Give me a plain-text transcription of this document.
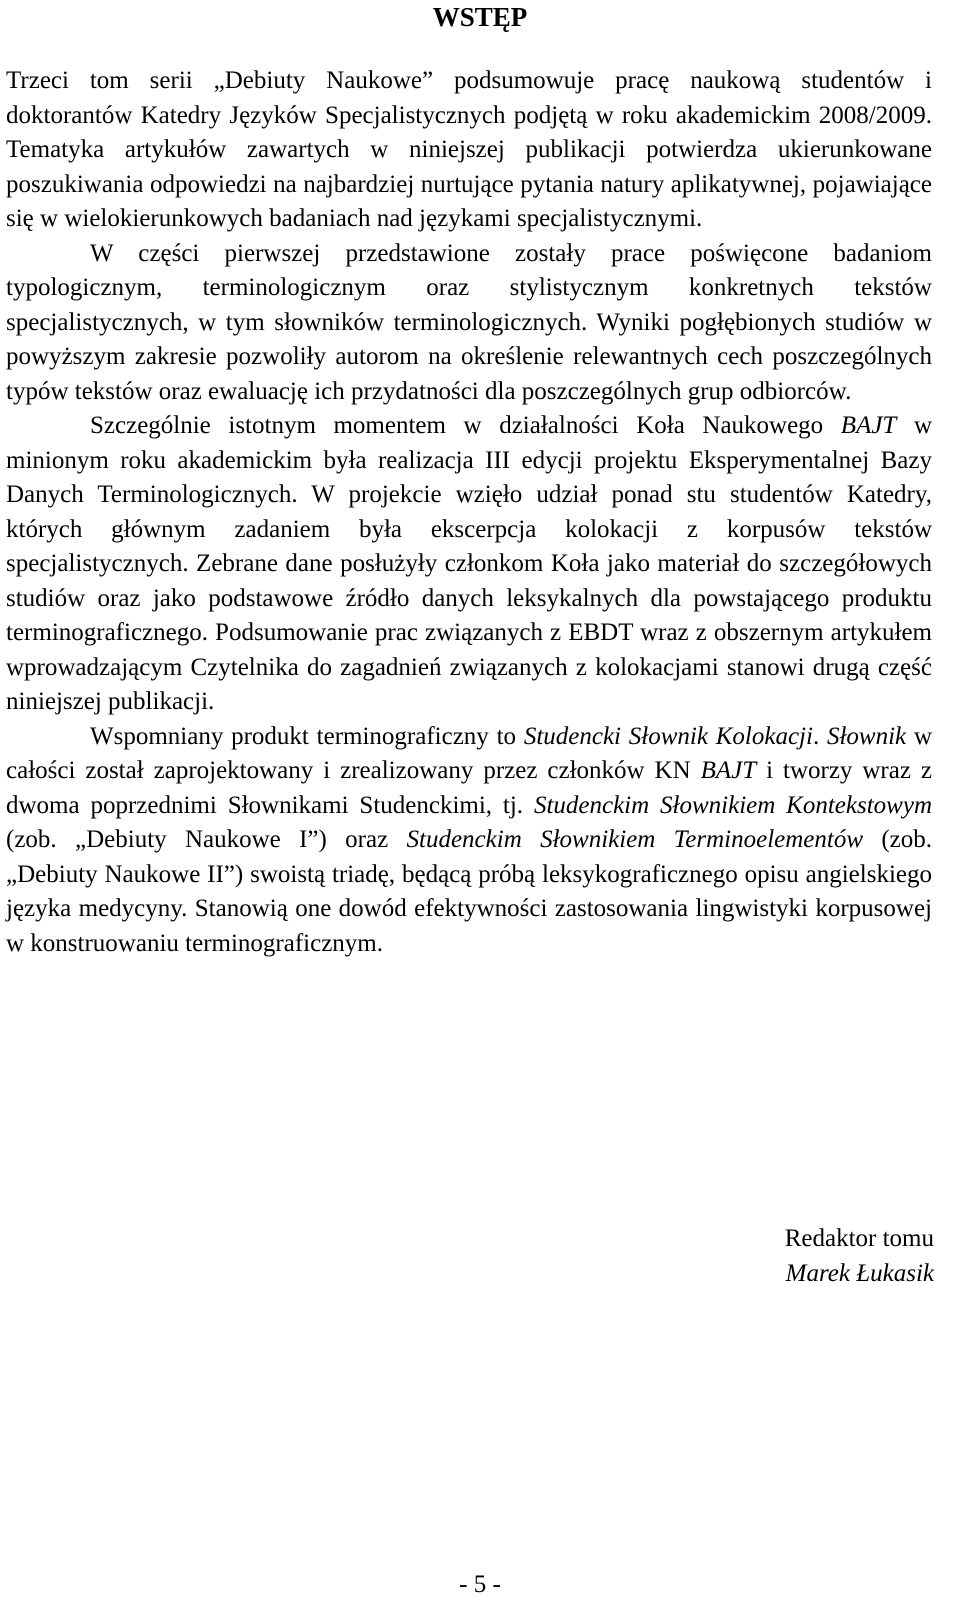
WSTĘP

Trzeci tom serii „Debiuty Naukowe” podsumowuje pracę naukową studentów i doktorantów Katedry Języków Specjalistycznych podjętą w roku akademickim 2008/2009. Tematyka artykułów zawartych w niniejszej publikacji potwierdza ukierunkowane poszukiwania odpowiedzi na najbardziej nurtujące pytania natury aplikatywnej, pojawiające się w wielokierunkowych badaniach nad językami specjalistycznymi.

W części pierwszej przedstawione zostały prace poświęcone badaniom typologicznym, terminologicznym oraz stylistycznym konkretnych tekstów specjalistycznych, w tym słowników terminologicznych. Wyniki pogłębionych studiów w powyższym zakresie pozwoliły autorom na określenie relewantnych cech poszczególnych typów tekstów oraz ewaluację ich przydatności dla poszczególnych grup odbiorców.

Szczególnie istotnym momentem w działalności Koła Naukowego BAJT w minionym roku akademickim była realizacja III edycji projektu Eksperymentalnej Bazy Danych Terminologicznych. W projekcie wzięło udział ponad stu studentów Katedry, których głównym zadaniem była ekscerpcja kolokacji z korpusów tekstów specjalistycznych. Zebrane dane posłużyły członkom Koła jako materiał do szczegółowych studiów oraz jako podstawowe źródło danych leksykalnych dla powstającego produktu terminograficznego. Podsumowanie prac związanych z EBDT wraz z obszernym artykułem wprowadzającym Czytelnika do zagadnień związanych z kolokacjami stanowi drugą część niniejszej publikacji.

Wspomniany produkt terminograficzny to Studencki Słownik Kolokacji. Słownik w całości został zaprojektowany i zrealizowany przez członków KN BAJT i tworzy wraz z dwoma poprzednimi Słownikami Studenckimi, tj. Studenckim Słownikiem Kontekstowym (zob. „Debiuty Naukowe I”) oraz Studenckim Słownikiem Terminoelementów (zob. „Debiuty Naukowe II”) swoistą triadę, będącą próbą leksykograficznego opisu angielskiego języka medycyny. Stanowią one dowód efektywności zastosowania lingwistyki korpusowej w konstruowaniu terminograficznym.

Redaktor tomu
Marek Łukasik
- 5 -
